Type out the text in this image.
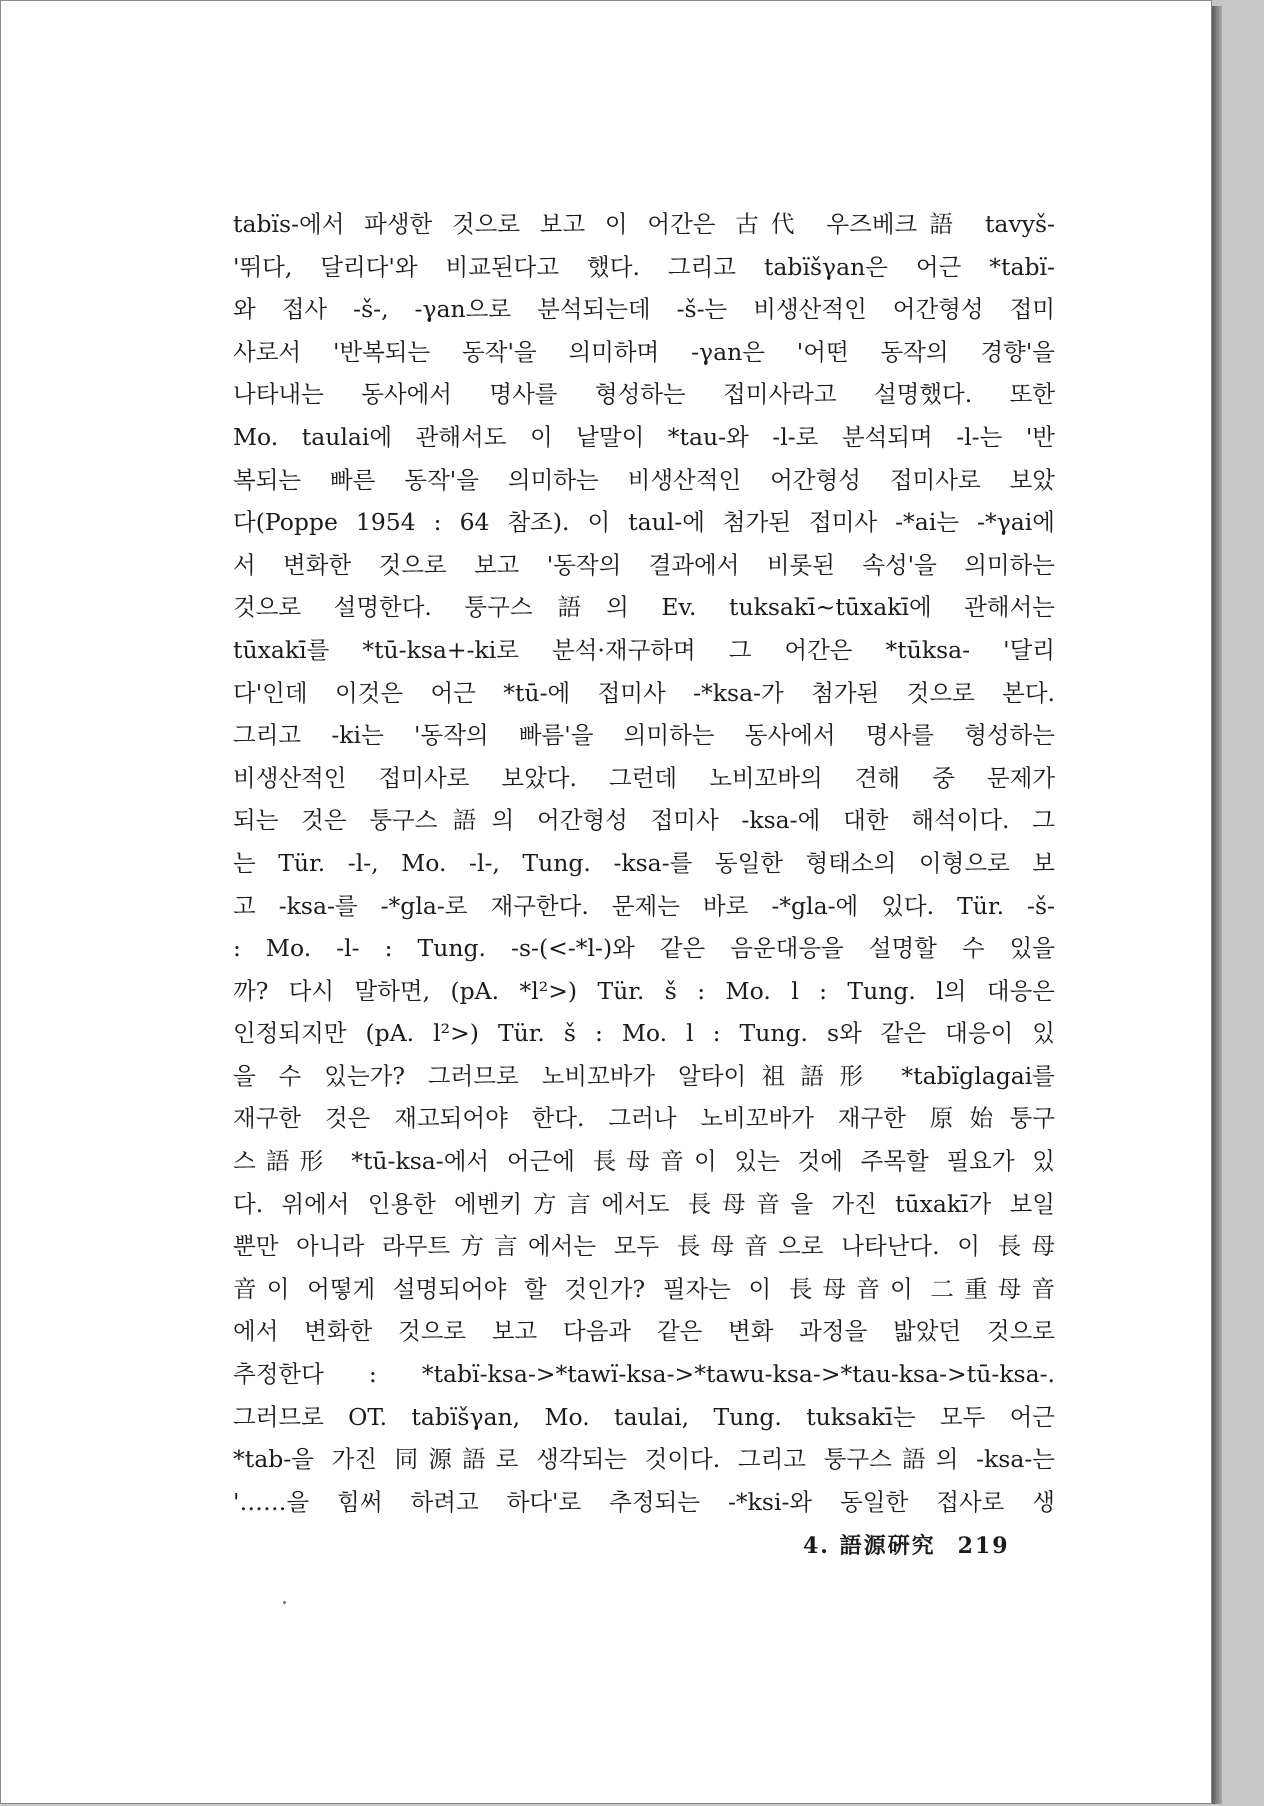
tabïs-에서 파생한 것으로 보고 이 어간은 古代 우즈베크語 tavyš-
'뛰다, 달리다'와 비교된다고 했다. 그리고 tabïšγan은 어근 *tabï-
와 접사 -š-, -γan으로 분석되는데 -š-는 비생산적인 어간형성 접미
사로서 '반복되는 동작'을 의미하며 -γan은 '어떤 동작의 경향'을
나타내는 동사에서 명사를 형성하는 접미사라고 설명했다. 또한
Mo. taulai에 관해서도 이 낱말이 *tau-와 -l-로 분석되며 -l-는 '반
복되는 빠른 동작'을 의미하는 비생산적인 어간형성 접미사로 보았
다(Poppe 1954 : 64 참조). 이 taul-에 첨가된 접미사 -*ai는 -*γai에
서 변화한 것으로 보고 '동작의 결과에서 비롯된 속성'을 의미하는
것으로 설명한다. 퉁구스語의 Ev. tuksakī~tūxakī에 관해서는
tūxakī를 *tū-ksa+-ki로 분석·재구하며 그 어간은 *tūksa- '달리
다'인데 이것은 어근 *tū-에 접미사 -*ksa-가 첨가된 것으로 본다.
그리고 -ki는 '동작의 빠름'을 의미하는 동사에서 명사를 형성하는
비생산적인 접미사로 보았다. 그런데 노비꼬바의 견해 중 문제가
되는 것은 퉁구스語의 어간형성 접미사 -ksa-에 대한 해석이다. 그
는 Tür. -l-, Mo. -l-, Tung. -ksa-를 동일한 형태소의 이형으로 보
고 -ksa-를 -*gla-로 재구한다. 문제는 바로 -*gla-에 있다. Tür. -š-
: Mo. -l- : Tung. -s-(<-*l-)와 같은 음운대응을 설명할 수 있을
까? 다시 말하면, (pA. *l²>) Tür. š : Mo. l : Tung. l의 대응은
인정되지만 (pA. l²>) Tür. š : Mo. l : Tung. s와 같은 대응이 있
을 수 있는가? 그러므로 노비꼬바가 알타이祖語形 *tabïglagai를
재구한 것은 재고되어야 한다. 그러나 노비꼬바가 재구한 原始퉁구
스語形 *tū-ksa-에서 어근에 長母音이 있는 것에 주목할 필요가 있
다. 위에서 인용한 에벤키方言에서도 長母音을 가진 tūxakī가 보일
뿐만 아니라 라무트方言에서는 모두 長母音으로 나타난다. 이 長母
音이 어떻게 설명되어야 할 것인가? 필자는 이 長母音이 二重母音
에서 변화한 것으로 보고 다음과 같은 변화 과정을 밟았던 것으로
추정한다 : *tabï-ksa->*tawï-ksa->*tawu-ksa->*tau-ksa->tū-ksa-.
그러므로 OT. tabïšγan, Mo. taulai, Tung. tuksakī는 모두 어근
*tab-을 가진 同源語로 생각되는 것이다. 그리고 퉁구스語의 -ksa-는
'……을 힘써 하려고 하다'로 추정되는 -*ksi-와 동일한 접사로 생
4. 語源硏究 219
